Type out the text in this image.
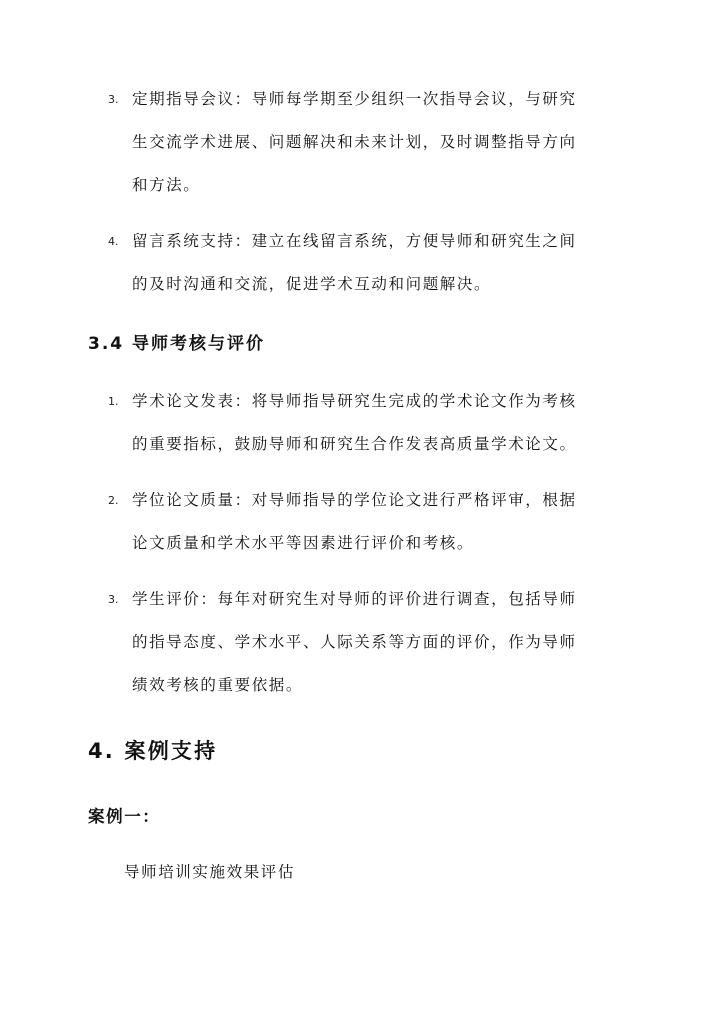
3. 定期指导会议：导师每学期至少组织一次指导会议，与研究
生交流学术进展、问题解决和未来计划，及时调整指导方向
和方法。
4. 留言系统支持：建立在线留言系统，方便导师和研究生之间
的及时沟通和交流，促进学术互动和问题解决。
3.4 导师考核与评价
1. 学术论文发表：将导师指导研究生完成的学术论文作为考核
的重要指标，鼓励导师和研究生合作发表高质量学术论文。
2. 学位论文质量：对导师指导的学位论文进行严格评审，根据
论文质量和学术水平等因素进行评价和考核。
3. 学生评价：每年对研究生对导师的评价进行调查，包括导师
的指导态度、学术水平、人际关系等方面的评价，作为导师
绩效考核的重要依据。
4. 案例支持
案例一：
导师培训实施效果评估
